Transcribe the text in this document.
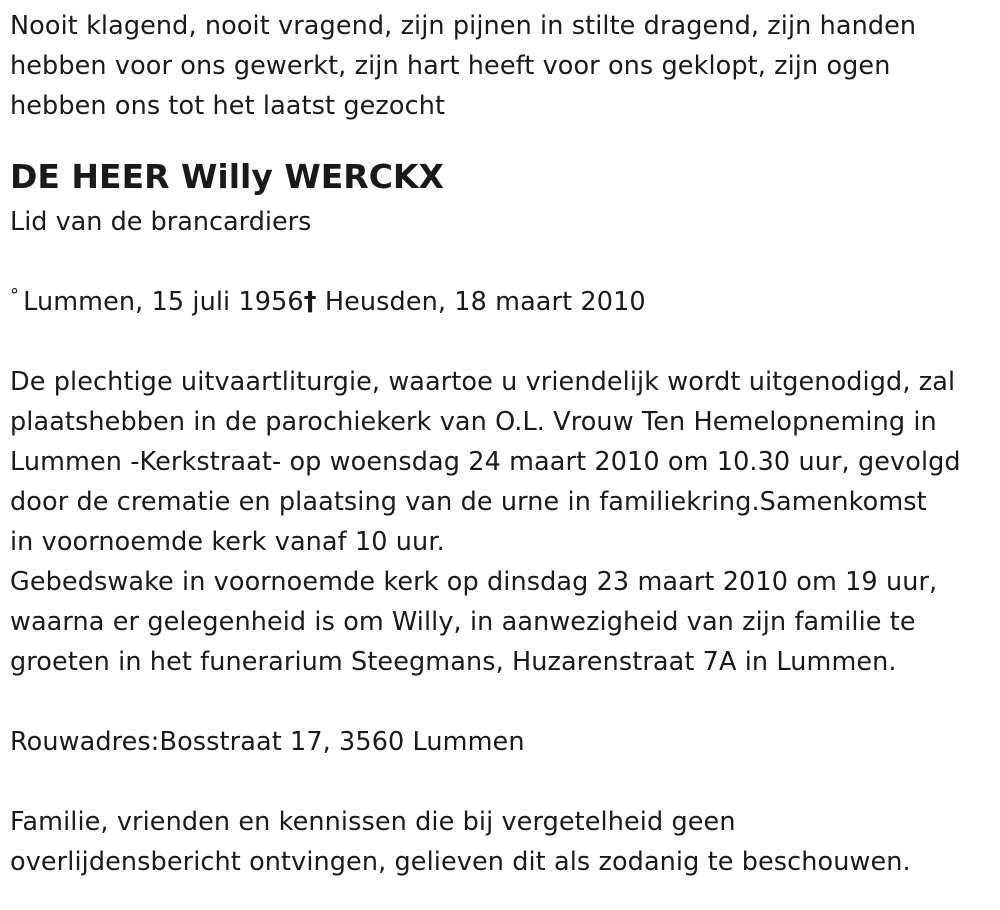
Nooit klagend, nooit vragend, zijn pijnen in stilte dragend, zijn handen
hebben voor ons gewerkt, zijn hart heeft voor ons geklopt, zijn ogen
hebben ons tot het laatst gezocht
DE HEER Willy WERCKX
Lid van de brancardiers
° Lummen, 15 juli 1956† Heusden, 18 maart 2010
De plechtige uitvaartliturgie, waartoe u vriendelijk wordt uitgenodigd, zal
plaatshebben in de parochiekerk van O.L. Vrouw Ten Hemelopneming in
Lummen -Kerkstraat- op woensdag 24 maart 2010 om 10.30 uur, gevolgd
door de crematie en plaatsing van de urne in familiekring.Samenkomst
in voornoemde kerk vanaf 10 uur.
Gebedswake in voornoemde kerk op dinsdag 23 maart 2010 om 19 uur,
waarna er gelegenheid is om Willy, in aanwezigheid van zijn familie te
groeten in het funerarium Steegmans, Huzarenstraat 7A in Lummen.
Rouwadres:Bosstraat 17, 3560 Lummen
Familie, vrienden en kennissen die bij vergetelheid geen
overlijdensbericht ontvingen, gelieven dit als zodanig te beschouwen.
